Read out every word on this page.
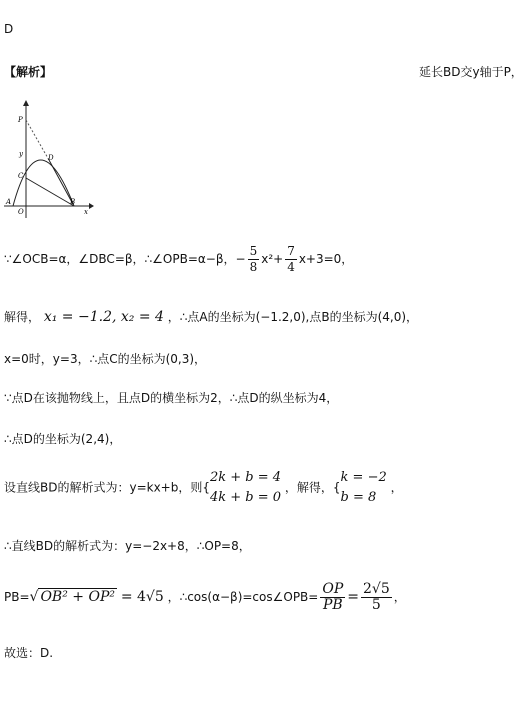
D
【解析】	延长BD交y轴于P，
P
y	D
C
A
O
B
x
∵∠OCB=α，∠DBC=β，∴∠OPB=α−β，− $\frac{5}{8} x^2+ \frac{7}{4} x+3=0$，
解得， x₁ = −1.2, x₂ = 4 ，∴点A的坐标为(−1.2,0),点B的坐标为(4,0)，
x=0时，y=3，∴点C的坐标为(0,3)，
∵点D在该抛物线上，且点D的横坐标为2，∴点D的纵坐标为4，
∴点D的坐标为(2,4)，
设直线BD的解析式为：y=kx+b，则{
2k + b = 4
4k + b = 0
，解得，{
k = −2
b = 8
，
∴直线BD的解析式为：y=−2x+8，∴OP=8，
PB=√ OB² + OP² = 4√5 ，∴cos(α−β)=cos∠OPB= $\frac{OP}{PB} = \frac{2√5}{5}$ ，
故选：D.
